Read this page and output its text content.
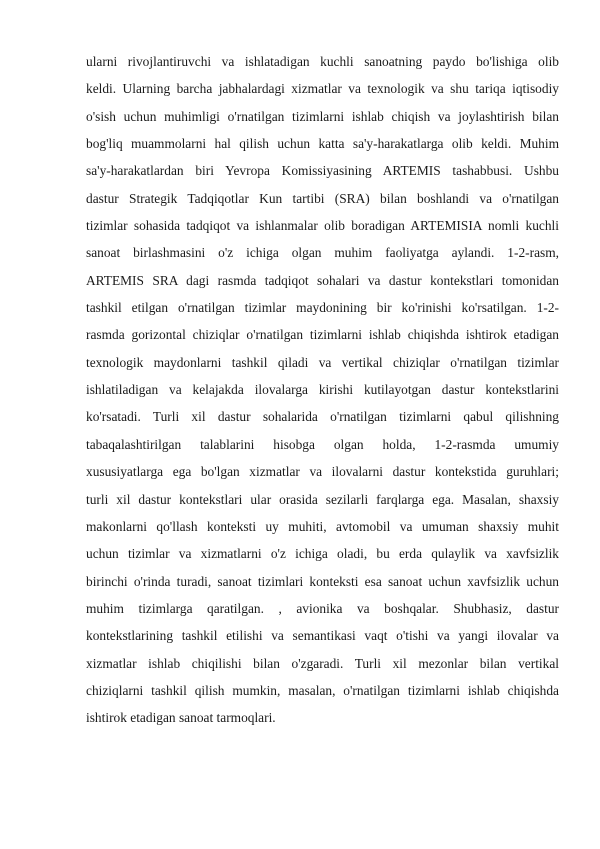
ularni rivojlantiruvchi va ishlatadigan kuchli sanoatning paydo bo'lishiga olib
keldi. Ularning barcha jabhalardagi xizmatlar va texnologik va shu tariqa iqtisodiy
o'sish uchun muhimligi o'rnatilgan tizimlarni ishlab chiqish va joylashtirish bilan
bog'liq muammolarni hal qilish uchun katta sa'y-harakatlarga olib keldi. Muhim
sa'y-harakatlardan biri Yevropa Komissiyasining ARTEMIS tashabbusi. Ushbu
dastur Strategik Tadqiqotlar Kun tartibi (SRA) bilan boshlandi va o'rnatilgan
tizimlar sohasida tadqiqot va ishlanmalar olib boradigan ARTEMISIA nomli kuchli
sanoat birlashmasini o'z ichiga olgan muhim faoliyatga aylandi. 1-2-rasm,
ARTEMIS SRA dagi rasmda tadqiqot sohalari va dastur kontekstlari tomonidan
tashkil etilgan o'rnatilgan tizimlar maydonining bir ko'rinishi ko'rsatilgan. 1-2-
rasmda gorizontal chiziqlar o'rnatilgan tizimlarni ishlab chiqishda ishtirok etadigan
texnologik maydonlarni tashkil qiladi va vertikal chiziqlar o'rnatilgan tizimlar
ishlatiladigan va kelajakda ilovalarga kirishi kutilayotgan dastur kontekstlarini
ko'rsatadi. Turli xil dastur sohalarida o'rnatilgan tizimlarni qabul qilishning
tabaqalashtirilgan talablarini hisobga olgan holda, 1-2-rasmda umumiy
xususiyatlarga ega bo'lgan xizmatlar va ilovalarni dastur kontekstida guruhlari;
turli xil dastur kontekstlari ular orasida sezilarli farqlarga ega. Masalan, shaxsiy
makonlarni qo'llash konteksti uy muhiti, avtomobil va umuman shaxsiy muhit
uchun tizimlar va xizmatlarni o'z ichiga oladi, bu erda qulaylik va xavfsizlik
birinchi o'rinda turadi, sanoat tizimlari konteksti esa sanoat uchun xavfsizlik uchun
muhim tizimlarga qaratilgan. , avionika va boshqalar. Shubhasiz, dastur
kontekstlarining tashkil etilishi va semantikasi vaqt o'tishi va yangi ilovalar va
xizmatlar ishlab chiqilishi bilan o'zgaradi. Turli xil mezonlar bilan vertikal
chiziqlarni tashkil qilish mumkin, masalan, o'rnatilgan tizimlarni ishlab chiqishda
ishtirok etadigan sanoat tarmoqlari.
